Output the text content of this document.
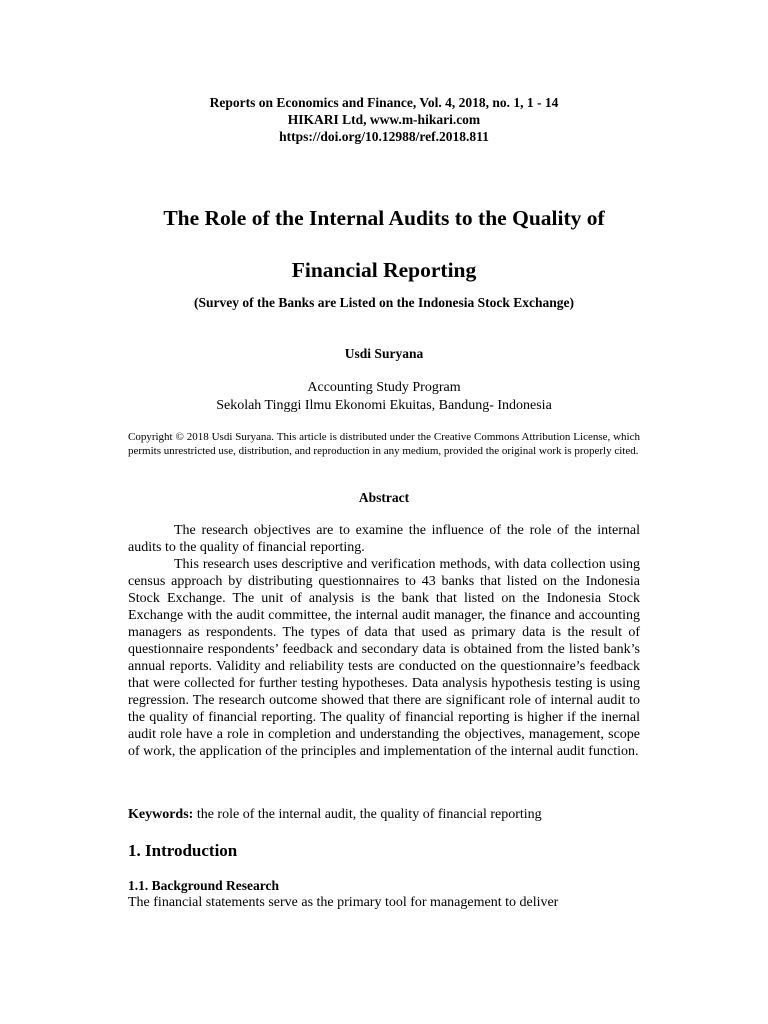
Reports on Economics and Finance, Vol. 4, 2018, no. 1, 1 - 14
HIKARI Ltd, www.m-hikari.com
https://doi.org/10.12988/ref.2018.811
The Role of the Internal Audits to the Quality of
Financial Reporting
(Survey of the Banks are Listed on the Indonesia Stock Exchange)
Usdi Suryana
Accounting Study Program
Sekolah Tinggi Ilmu Ekonomi Ekuitas, Bandung- Indonesia
Copyright © 2018 Usdi Suryana. This article is distributed under the Creative Commons Attribution License, which permits unrestricted use, distribution, and reproduction in any medium, provided the original work is properly cited.
Abstract

The research objectives are to examine the influence of the role of the internal audits to the quality of financial reporting.

This research uses descriptive and verification methods, with data collection using census approach by distributing questionnaires to 43 banks that listed on the Indonesia Stock Exchange. The unit of analysis is the bank that listed on the Indonesia Stock Exchange with the audit committee, the internal audit manager, the finance and accounting managers as respondents. The types of data that used as primary data is the result of questionnaire respondents’ feedback and secondary data is obtained from the listed bank’s annual reports. Validity and reliability tests are conducted on the questionnaire’s feedback that were collected for further testing hypotheses. Data analysis hypothesis testing is using regression. The research outcome showed that there are significant role of internal audit to the quality of financial reporting. The quality of financial reporting is higher if the inernal audit role have a role in completion and understanding the objectives, management, scope of work, the application of the principles and implementation of the internal audit function.

Keywords: the role of the internal audit, the quality of financial reporting
1. Introduction
1.1. Background Research
The financial statements serve as the primary tool for management to deliver
